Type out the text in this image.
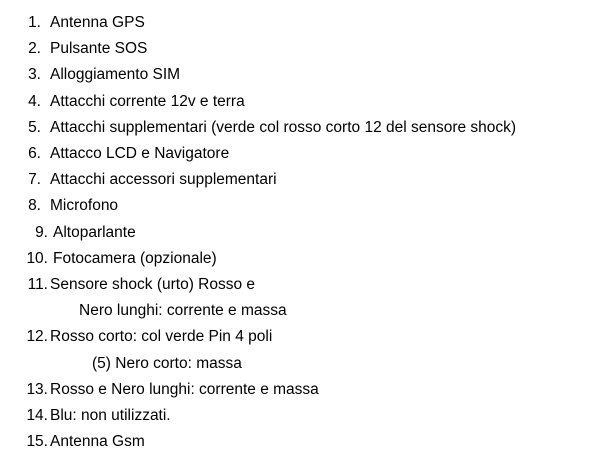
1. Antenna GPS
2. Pulsante SOS
3. Alloggiamento SIM
4. Attacchi corrente 12v e terra
5. Attacchi supplementari (verde col rosso corto 12 del sensore shock)
6. Attacco LCD e Navigatore
7. Attacchi accessori supplementari
8. Microfono
9. Altoparlante
10. Fotocamera (opzionale)
11. Sensore shock (urto) Rosso e
Nero lunghi: corrente e massa
12. Rosso corto: col verde Pin 4 poli
(5) Nero corto: massa
13. Rosso e Nero lunghi: corrente e massa
14. Blu: non utilizzati.
15. Antenna Gsm
